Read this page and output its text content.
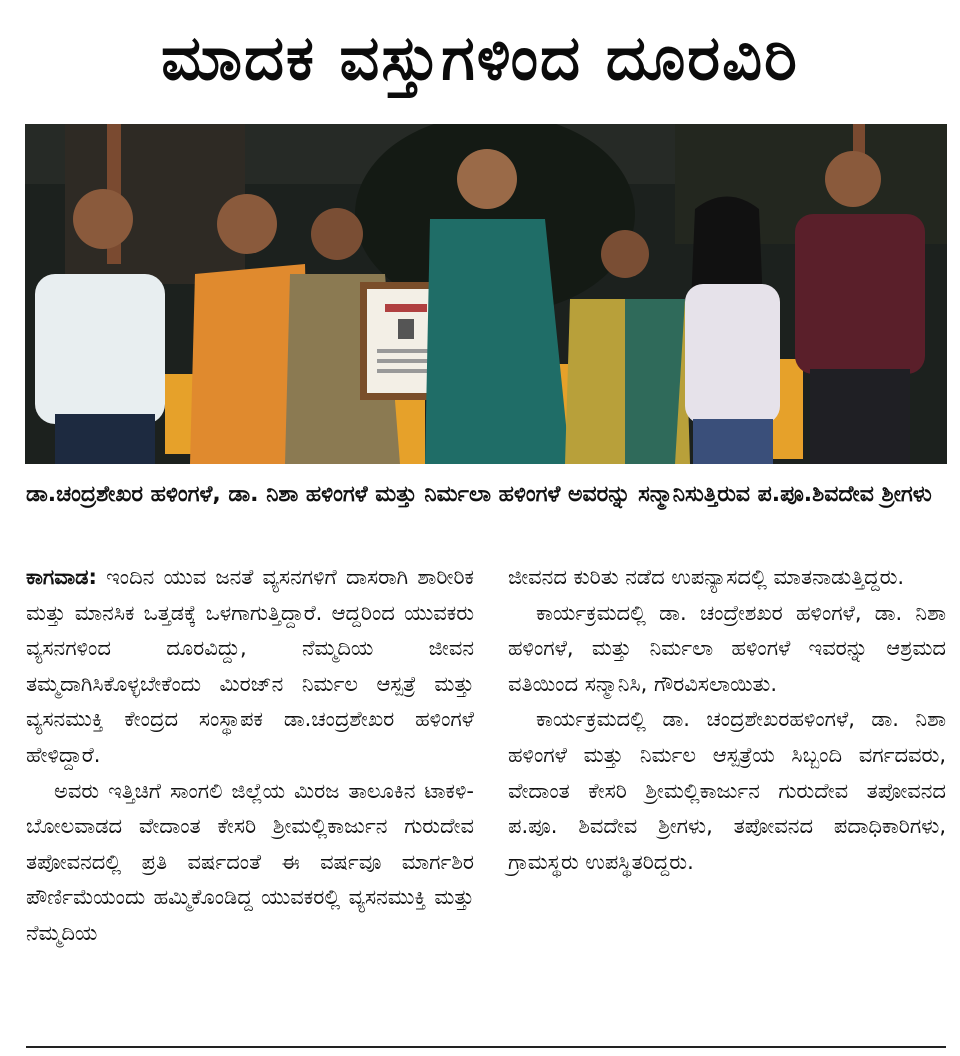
ಮಾದಕ ವಸ್ತುಗಳಿಂದ ದೂರವಿರಿ
ಡಾ.ಚಂದ್ರಶೇಖರ ಹಳಿಂಗಳೆ, ಡಾ. ನಿಶಾ ಹಳಿಂಗಳೆ ಮತ್ತು ನಿರ್ಮಲಾ ಹಳಿಂಗಳೆ ಅವರನ್ನು ಸನ್ಮಾನಿಸುತ್ತಿರುವ ಪ.ಪೂ.ಶಿವದೇವ ಶ್ರೀಗಳು

ಕಾಗವಾಡ: ಇಂದಿನ ಯುವ ಜನತೆ ವ್ಯಸನಗಳಿಗೆ ದಾಸರಾಗಿ ಶಾರೀರಿಕ ಮತ್ತು ಮಾನಸಿಕ ಒತ್ತಡಕ್ಕೆ ಒಳಗಾಗುತ್ತಿದ್ದಾರೆ. ಆದ್ದರಿಂದ ಯುವಕರು ವ್ಯಸನಗಳಿಂದ ದೂರವಿದ್ದು, ನೆಮ್ಮದಿಯ ಜೀವನ ತಮ್ಮದಾಗಿಸಿಕೊಳ್ಳಬೇಕೆಂದು ಮಿರಜ್‌ನ ನಿರ್ಮಲ ಆಸ್ಪತ್ರೆ ಮತ್ತು ವ್ಯಸನಮುಕ್ತಿ ಕೇಂದ್ರದ ಸಂಸ್ಥಾಪಕ ಡಾ.ಚಂದ್ರಶೇಖರ ಹಳಿಂಗಳೆ ಹೇಳಿದ್ದಾರೆ.

ಅವರು ಇತ್ತಿಚಿಗೆ ಸಾಂಗಲಿ ಜಿಲ್ಲೆಯ ಮಿರಜ ತಾಲೂಕಿನ ಟಾಕಳಿ-ಬೋಲವಾಡದ ವೇದಾಂತ ಕೇಸರಿ ಶ್ರೀಮಲ್ಲಿಕಾರ್ಜುನ ಗುರುದೇವ ತಪೋವನದಲ್ಲಿ ಪ್ರತಿ ವರ್ಷದಂತೆ ಈ ವರ್ಷವೂ ಮಾರ್ಗಶಿರ ಪೌರ್ಣಿಮೆಯಂದು ಹಮ್ಮಿಕೊಂಡಿದ್ದ ಯುವಕರಲ್ಲಿ ವ್ಯಸನಮುಕ್ತಿ ಮತ್ತು ನೆಮ್ಮದಿಯ

ಜೀವನದ ಕುರಿತು ನಡೆದ ಉಪನ್ಯಾಸದಲ್ಲಿ ಮಾತನಾಡುತ್ತಿದ್ದರು.

ಕಾರ್ಯಕ್ರಮದಲ್ಲಿ ಡಾ. ಚಂದ್ರೇಶಖರ ಹಳಿಂಗಳೆ, ಡಾ. ನಿಶಾ ಹಳಿಂಗಳೆ, ಮತ್ತು ನಿರ್ಮಲಾ ಹಳಿಂಗಳೆ ಇವರನ್ನು ಆಶ್ರಮದ ವತಿಯಿಂದ ಸನ್ಮಾನಿಸಿ, ಗೌರವಿಸಲಾಯಿತು.

ಕಾರ್ಯಕ್ರಮದಲ್ಲಿ ಡಾ. ಚಂದ್ರಶೇಖರಹಳಿಂಗಳೆ, ಡಾ. ನಿಶಾ ಹಳಿಂಗಳೆ ಮತ್ತು ನಿರ್ಮಲ ಆಸ್ಪತ್ರೆಯ ಸಿಬ್ಬಂದಿ ವರ್ಗದವರು, ವೇದಾಂತ ಕೇಸರಿ ಶ್ರೀಮಲ್ಲಿಕಾರ್ಜುನ ಗುರುದೇವ ತಪೋವನದ ಪ.ಪೂ. ಶಿವದೇವ ಶ್ರೀಗಳು, ತಪೋವನದ ಪದಾಧಿಕಾರಿಗಳು, ಗ್ರಾಮಸ್ಥರು ಉಪಸ್ಥಿತರಿದ್ದರು.
